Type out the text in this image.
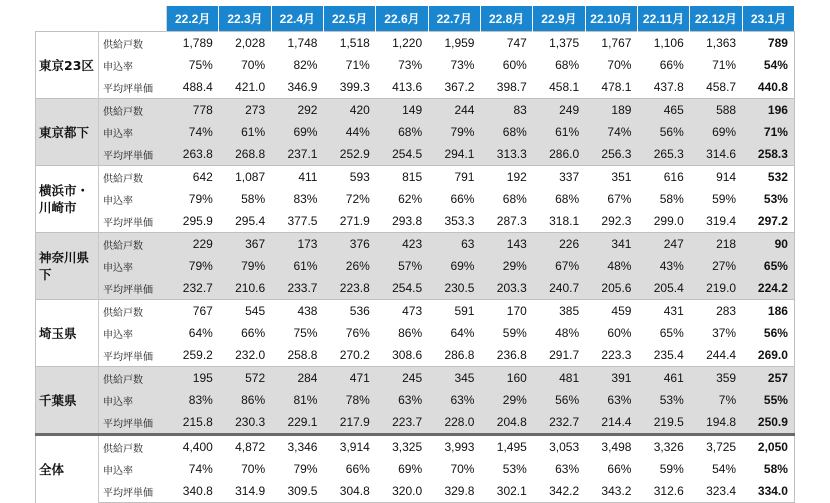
		22.2月	22.3月	22.4月	22.5月	22.6月	22.7月	22.8月	22.9月	22.10月	22.11月	22.12月	23.1月
東京23区	供給戸数	1,789	2,028	1,748	1,518	1,220	1,959	747	1,375	1,767	1,106	1,363	789
	申込率	75%	70%	82%	71%	73%	73%	60%	68%	70%	66%	71%	54%
	平均坪単価	488.4	421.0	346.9	399.3	413.6	367.2	398.7	458.1	478.1	437.8	458.7	440.8
東京都下	供給戸数	778	273	292	420	149	244	83	249	189	465	588	196
	申込率	74%	61%	69%	44%	68%	79%	68%	61%	74%	56%	69%	71%
	平均坪単価	263.8	268.8	237.1	252.9	254.5	294.1	313.3	286.0	256.3	265.3	314.6	258.3
横浜市・川崎市	供給戸数	642	1,087	411	593	815	791	192	337	351	616	914	532
	申込率	79%	58%	83%	72%	62%	66%	68%	68%	67%	58%	59%	53%
	平均坪単価	295.9	295.4	377.5	271.9	293.8	353.3	287.3	318.1	292.3	299.0	319.4	297.2
神奈川県下	供給戸数	229	367	173	376	423	63	143	226	341	247	218	90
	申込率	79%	79%	61%	26%	57%	69%	29%	67%	48%	43%	27%	65%
	平均坪単価	232.7	210.6	233.7	223.8	254.5	230.5	203.3	240.7	205.6	205.4	219.0	224.2
埼玉県	供給戸数	767	545	438	536	473	591	170	385	459	431	283	186
	申込率	64%	66%	75%	76%	86%	64%	59%	48%	60%	65%	37%	56%
	平均坪単価	259.2	232.0	258.8	270.2	308.6	286.8	236.8	291.7	223.3	235.4	244.4	269.0
千葉県	供給戸数	195	572	284	471	245	345	160	481	391	461	359	257
	申込率	83%	86%	81%	78%	63%	63%	29%	56%	63%	53%	7%	55%
	平均坪単価	215.8	230.3	229.1	217.9	223.7	228.0	204.8	232.7	214.4	219.5	194.8	250.9
全体	供給戸数	4,400	4,872	3,346	3,914	3,325	3,993	1,495	3,053	3,498	3,326	3,725	2,050
	申込率	74%	70%	79%	66%	69%	70%	53%	63%	66%	59%	54%	58%
	平均坪単価	340.8	314.9	309.5	304.8	320.0	329.8	302.1	342.2	343.2	312.6	323.4	334.0
